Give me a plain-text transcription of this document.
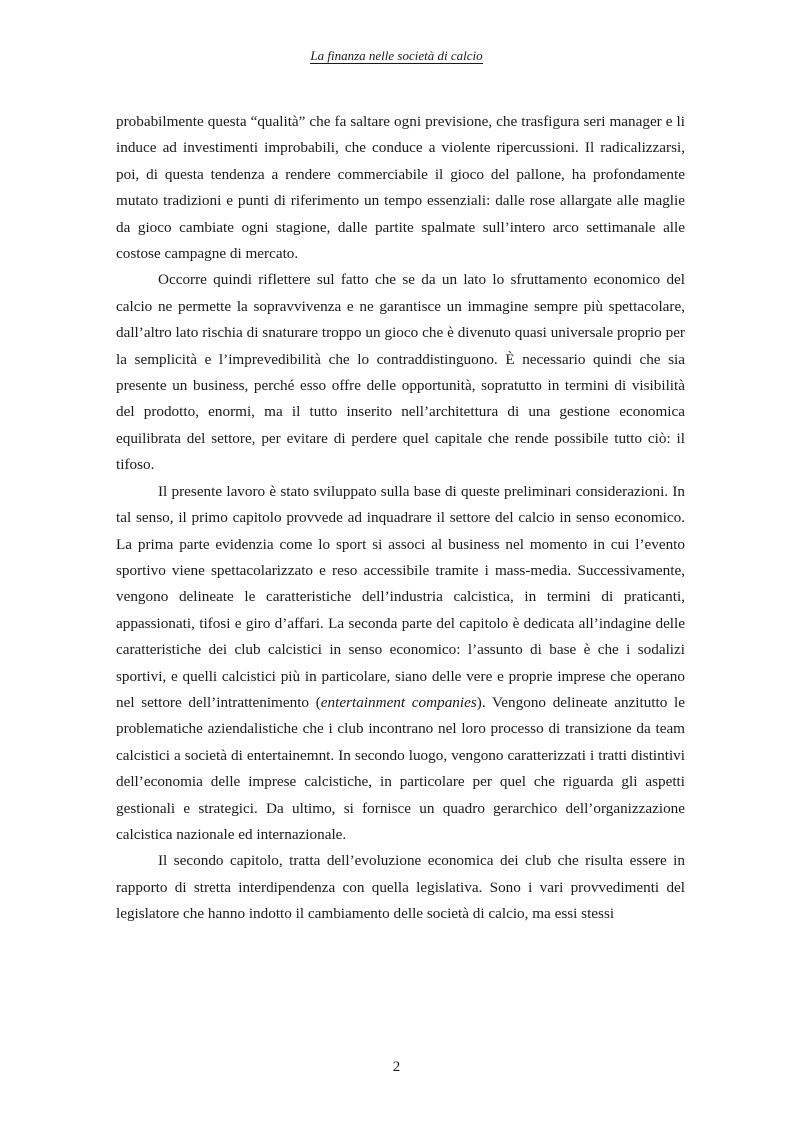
La finanza nelle società di calcio

probabilmente questa “qualità” che fa saltare ogni previsione, che trasfigura seri manager e li induce ad investimenti improbabili, che conduce a violente ripercussioni. Il radicalizzarsi, poi, di questa tendenza a rendere commerciabile il gioco del pallone, ha profondamente mutato tradizioni e punti di riferimento un tempo essenziali: dalle rose allargate alle maglie da gioco cambiate ogni stagione, dalle partite spalmate sull’intero arco settimanale alle costose campagne di mercato.

Occorre quindi riflettere sul fatto che se da un lato lo sfruttamento economico del calcio ne permette la sopravvivenza e ne garantisce un immagine sempre più spettacolare, dall’altro lato rischia di snaturare troppo un gioco che è divenuto quasi universale proprio per la semplicità e l’imprevedibilità che lo contraddistinguono. È necessario quindi che sia presente un business, perché esso offre delle opportunità, sopratutto in termini di visibilità del prodotto, enormi, ma il tutto inserito nell’architettura di una gestione economica equilibrata del settore, per evitare di perdere quel capitale che rende possibile tutto ciò: il tifoso.

Il presente lavoro è stato sviluppato sulla base di queste preliminari considerazioni. In tal senso, il primo capitolo provvede ad inquadrare il settore del calcio in senso economico. La prima parte evidenzia come lo sport si associ al business nel momento in cui l’evento sportivo viene spettacolarizzato e reso accessibile tramite i mass-media. Successivamente, vengono delineate le caratteristiche dell’industria calcistica, in termini di praticanti, appassionati, tifosi e giro d’affari. La seconda parte del capitolo è dedicata all’indagine delle caratteristiche dei club calcistici in senso economico: l’assunto di base è che i sodalizi sportivi, e quelli calcistici più in particolare, siano delle vere e proprie imprese che operano nel settore dell’intrattenimento (entertainment companies). Vengono delineate anzitutto le problematiche aziendalistiche che i club incontrano nel loro processo di transizione da team calcistici a società di entertainemnt. In secondo luogo, vengono caratterizzati i tratti distintivi dell’economia delle imprese calcistiche, in particolare per quel che riguarda gli aspetti gestionali e strategici. Da ultimo, si fornisce un quadro gerarchico dell’organizzazione calcistica nazionale ed internazionale.

Il secondo capitolo, tratta dell’evoluzione economica dei club che risulta essere in rapporto di stretta interdipendenza con quella legislativa. Sono i vari provvedimenti del legislatore che hanno indotto il cambiamento delle società di calcio, ma essi stessi

2
